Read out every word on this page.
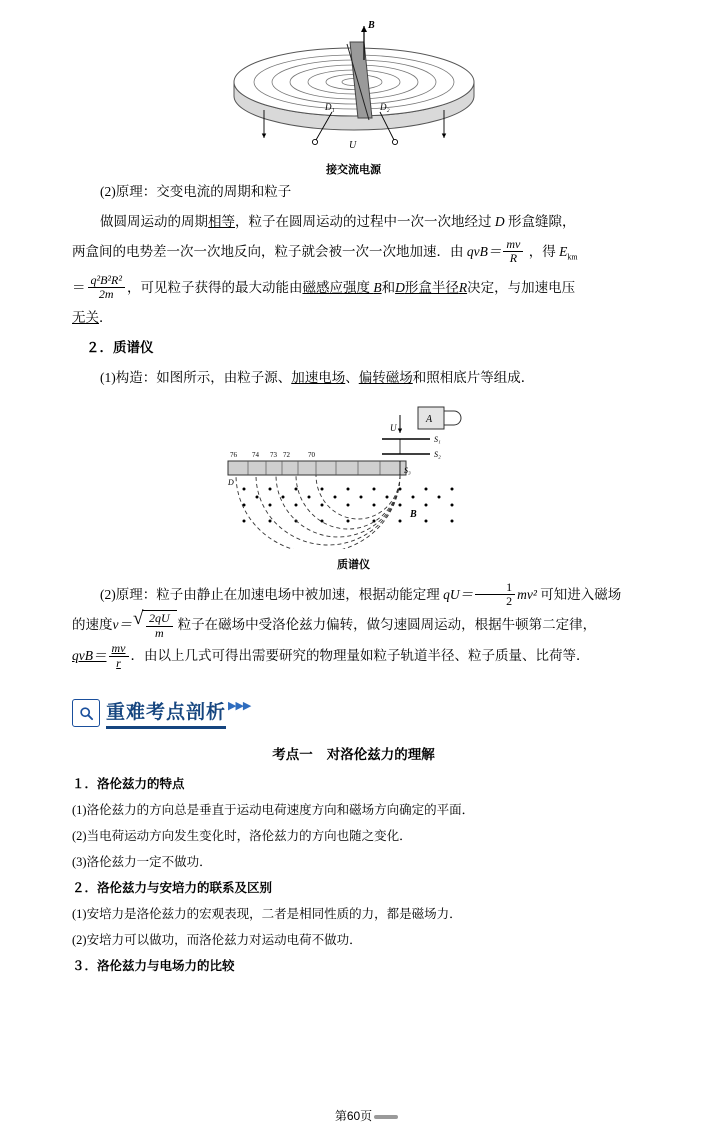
B
D₁	D₂
U
接交流电源

(2)原理：交变电流的周期和粒子

做圆周运动的周期相等，粒子在圆周运动的过程中一次一次地经过 D 形盒缝隙，

两盒间的电势差一次一次地反向，粒子就会被一次一次地加速．由 $qvB= \frac{mv}{R}$ ，得 $E_{km}$

＝ $\frac{\text{q²B²R²}}{2m}$ ，可见粒子获得的最大动能由磁感应强度 B和D形盒半径R决定，与加速电压

无关．

２．质谱仪

(1)构造：如图所示，由粒子源、加速电场、偏转磁场和照相底片等组成．

A
U
S₁
S₂
76 74 73 72	70
D
S₃
B
质谱仪

(2)原理：粒子由静止在加速电场中被加速，根据动能定理 $qU= \frac{1}{2} mv^2$ 可知进入磁场

的速度v＝ √ $\frac{2qU}{m}$ 粒子在磁场中受洛伦兹力偏转，做匀速圆周运动，根据牛顿第二定律，

$qvB= \frac{mv}{r}$ ．由以上几式可得出需要研究的物理量如粒子轨道半径、粒子质量、比荷等．

重难考点剖析 ▶▶▶
考点一 对洛伦兹力的理解

１．洛伦兹力的特点

(1)洛伦兹力的方向总是垂直于运动电荷速度方向和磁场方向确定的平面．

(2)当电荷运动方向发生变化时，洛伦兹力的方向也随之变化．

(3)洛伦兹力一定不做功．

２．洛伦兹力与安培力的联系及区别

(1)安培力是洛伦兹力的宏观表现，二者是相同性质的力，都是磁场力．

(2)安培力可以做功，而洛伦兹力对运动电荷不做功．

３．洛伦兹力与电场力的比较

第60页
